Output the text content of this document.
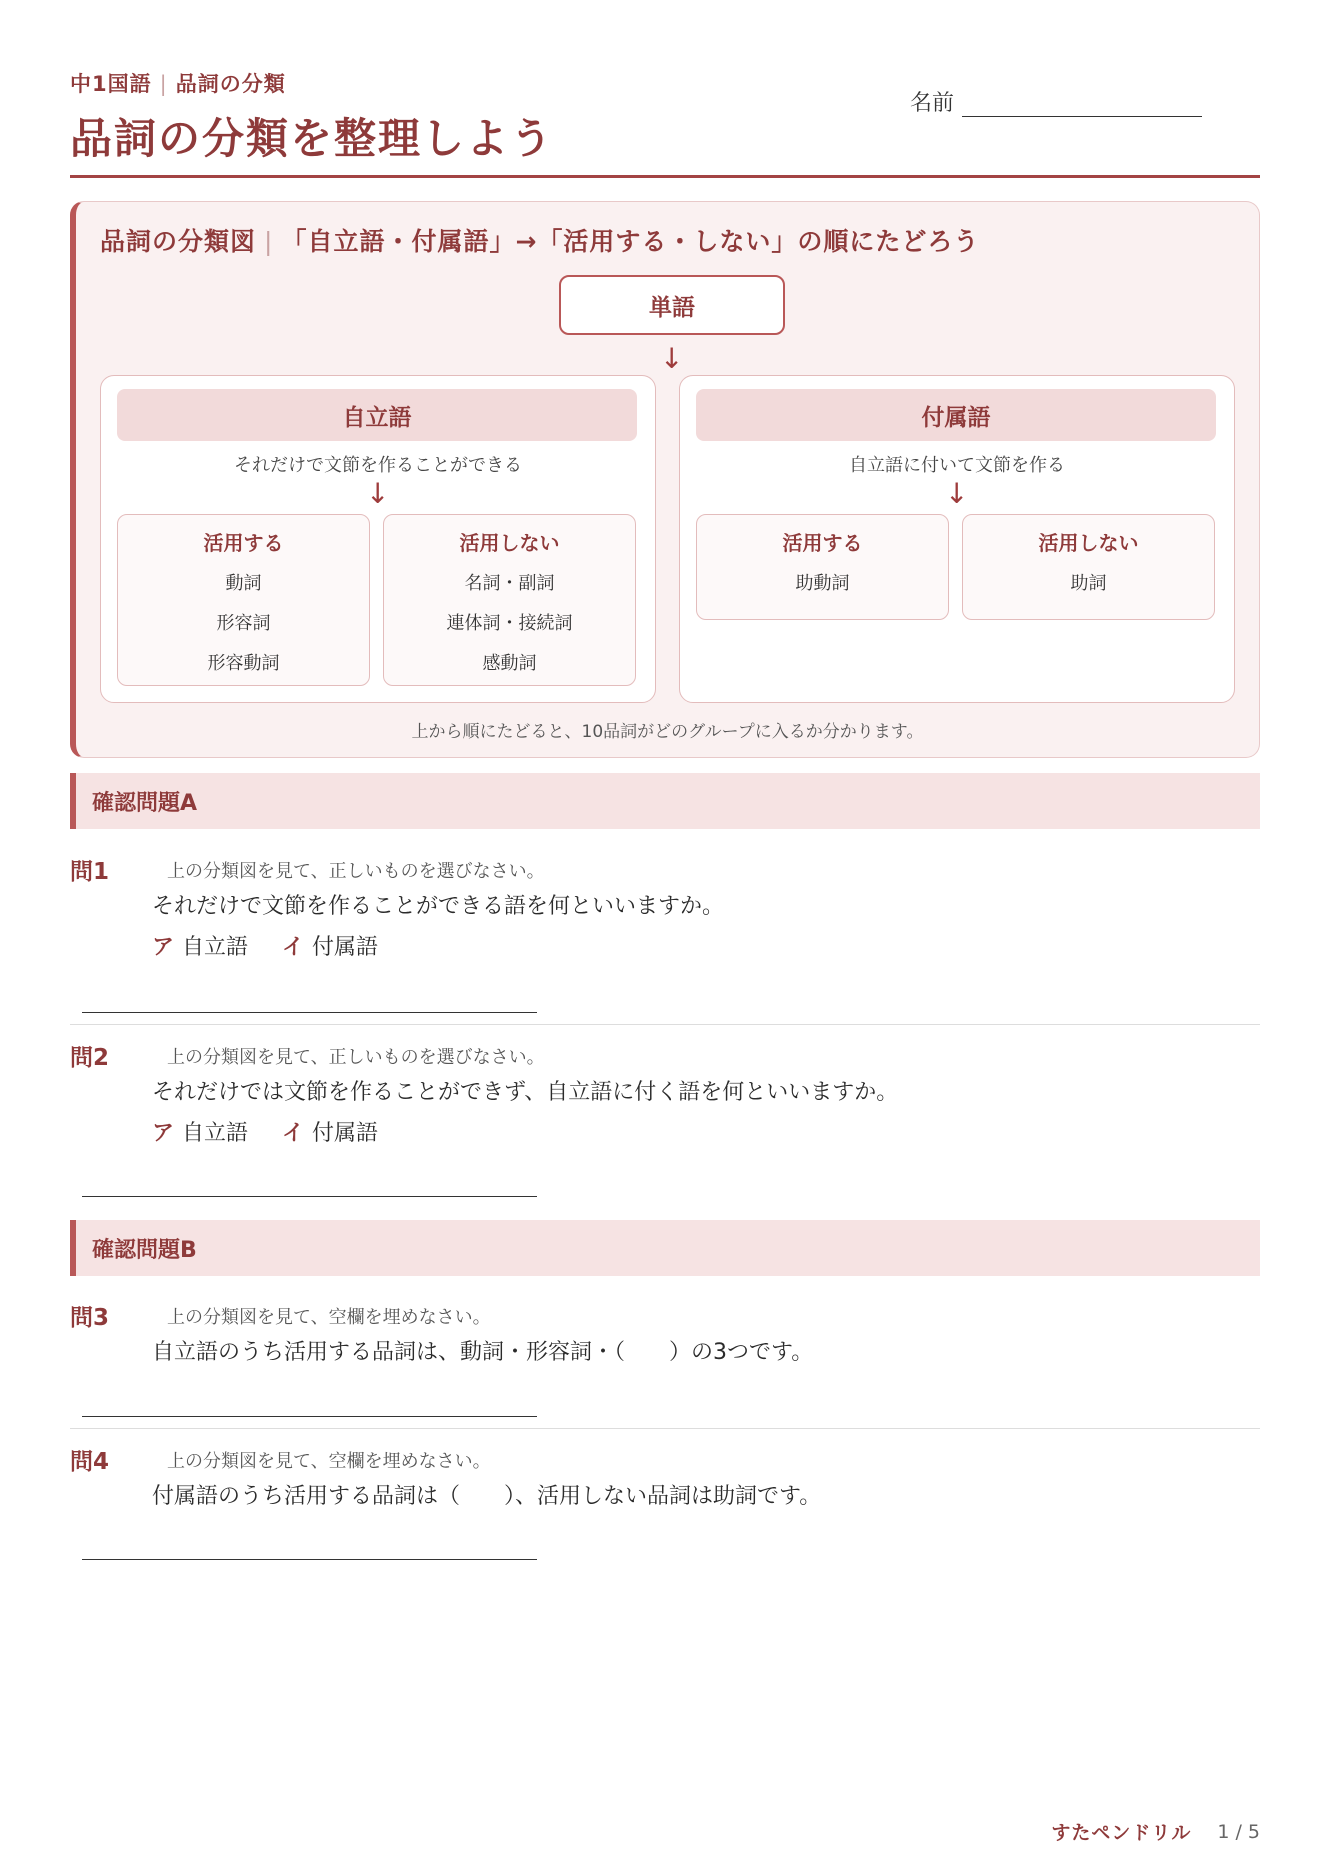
中1国語 | 品詞の分類
品詞の分類を整理しよう
名前
品詞の分類図 | 「自立語・付属語」→「活用する・しない」の順にたどろう
単語
↓
自立語
それだけで文節を作ることができる
↓
活用する
動詞
形容詞
形容動詞
活用しない
名詞・副詞
連体詞・接続詞
感動詞
付属語
自立語に付いて文節を作る
↓
活用する
助動詞
活用しない
助詞
上から順にたどると、10品詞がどのグループに入るか分かります。
確認問題A
問1	上の分類図を見て、正しいものを選びなさい。
それだけで文節を作ることができる語を何といいますか。
ア 自立語 イ 付属語
問2	上の分類図を見て、正しいものを選びなさい。
それだけでは文節を作ることができず、自立語に付く語を何といいますか。
ア 自立語 イ 付属語
確認問題B
問3	上の分類図を見て、空欄を埋めなさい。
自立語のうち活用する品詞は、動詞・形容詞・（　　）の3つです。
問4	上の分類図を見て、空欄を埋めなさい。
付属語のうち活用する品詞は（　　）、活用しない品詞は助詞です。
すたペンドリル 1 / 5
